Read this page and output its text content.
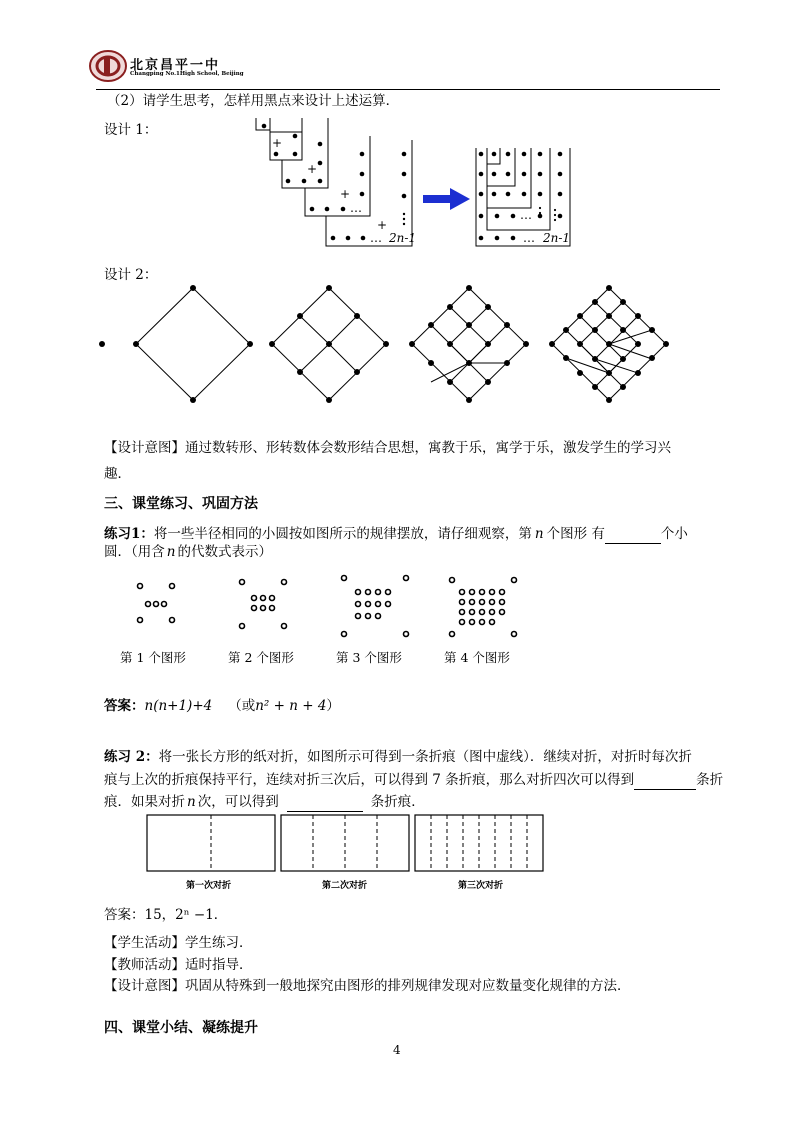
北京昌平一中
Changping No.1High School, Beijing
（2）请学生思考，怎样用黑点来设计上述运算．
设计 1：
+
+
+
+
…
… 2n-1
…
… 2n-1
设计 2：
【设计意图】通过数转形、形转数体会数形结合思想，寓教于乐，寓学于乐，激发学生的学习兴
趣．
三、课堂练习、巩固方法
练习1：将一些半径相同的小圆按如图所示的规律摆放，请仔细观察，第 n 个图形 有	个小
圆．（用含 n 的代数式表示）
第 1 个图形	第 2 个图形	第 3 个图形	第 4 个图形
答案：n(n+1)+4 （或n² + n + 4）
练习 2：将一张长方形的纸对折，如图所示可得到一条折痕（图中虚线）．继续对折，对折时每次折
痕与上次的折痕保持平行，连续对折三次后，可以得到 7 条折痕，那么对折四次可以得到	条折
痕．如果对折 n 次，可以得到	条折痕．
第一次对折	第二次对折	第三次对折
答案：15，2ⁿ −1．
【学生活动】学生练习．
【教师活动】适时指导．
【设计意图】巩固从特殊到一般地探究由图形的排列规律发现对应数量变化规律的方法．
四、课堂小结、凝练提升
4
